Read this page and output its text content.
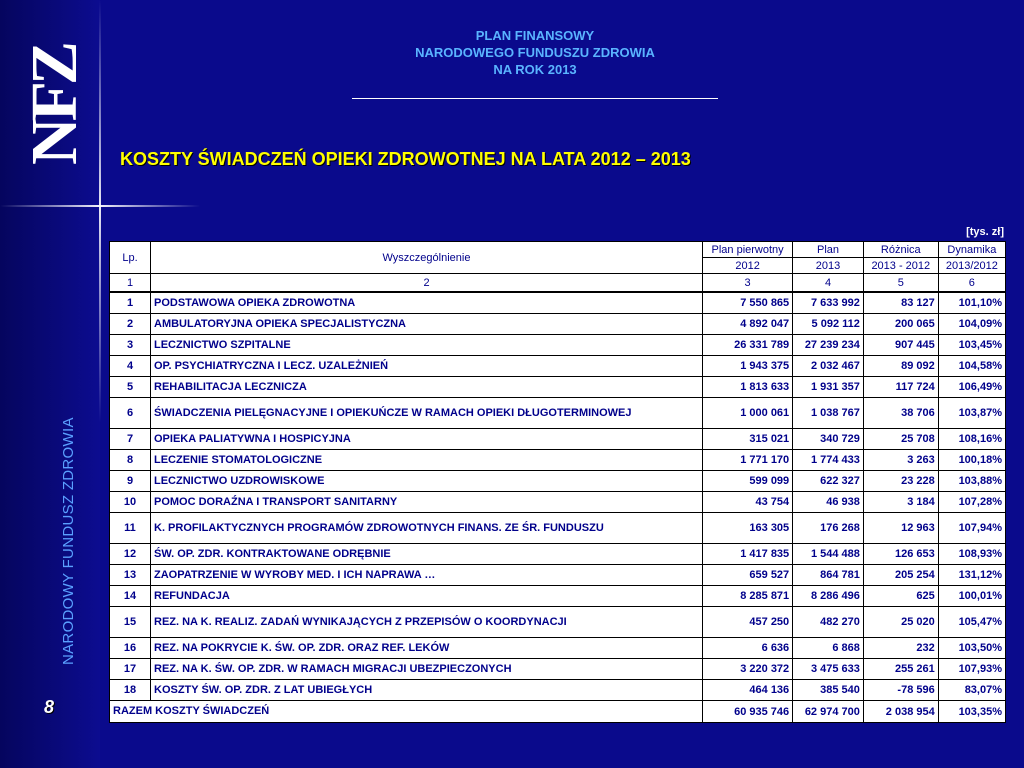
NFZ
NARODOWY FUNDUSZ ZDROWIA
8
PLAN FINANSOWY
NARODOWEGO FUNDUSZU ZDROWIA
NA ROK 2013
KOSZTY ŚWIADCZEŃ OPIEKI ZDROWOTNEJ NA LATA 2012 – 2013
[tys. zł]
Lp.	Wyszczególnienie	Plan pierwotny	Plan	Różnica	Dynamika
		2012	2013	2013 - 2012	2013/2012
1	2	3	4	5	6
1	PODSTAWOWA OPIEKA ZDROWOTNA	7 550 865	7 633 992	83 127	101,10%
2	AMBULATORYJNA OPIEKA SPECJALISTYCZNA	4 892 047	5 092 112	200 065	104,09%
3	LECZNICTWO SZPITALNE	26 331 789	27 239 234	907 445	103,45%
4	OP. PSYCHIATRYCZNA I LECZ. UZALEŻNIEŃ	1 943 375	2 032 467	89 092	104,58%
5	REHABILITACJA LECZNICZA	1 813 633	1 931 357	117 724	106,49%
6	ŚWIADCZENIA PIELĘGNACYJNE I OPIEKUŃCZE W RAMACH OPIEKI DŁUGOTERMINOWEJ	1 000 061	1 038 767	38 706	103,87%
7	OPIEKA PALIATYWNA I HOSPICYJNA	315 021	340 729	25 708	108,16%
8	LECZENIE STOMATOLOGICZNE	1 771 170	1 774 433	3 263	100,18%
9	LECZNICTWO UZDROWISKOWE	599 099	622 327	23 228	103,88%
10	POMOC DORAŹNA I TRANSPORT SANITARNY	43 754	46 938	3 184	107,28%
11	K. PROFILAKTYCZNYCH PROGRAMÓW ZDROWOTNYCH FINANS. ZE ŚR. FUNDUSZU	163 305	176 268	12 963	107,94%
12	ŚW. OP. ZDR. KONTRAKTOWANE ODRĘBNIE	1 417 835	1 544 488	126 653	108,93%
13	ZAOPATRZENIE W WYROBY MED. I ICH NAPRAWA …	659 527	864 781	205 254	131,12%
14	REFUNDACJA	8 285 871	8 286 496	625	100,01%
15	REZ. NA K. REALIZ. ZADAŃ WYNIKAJĄCYCH Z PRZEPISÓW O KOORDYNACJI	457 250	482 270	25 020	105,47%
16	REZ. NA POKRYCIE K. ŚW. OP. ZDR. ORAZ REF. LEKÓW	6 636	6 868	232	103,50%
17	REZ. NA K. ŚW. OP. ZDR. W RAMACH MIGRACJI UBEZPIECZONYCH	3 220 372	3 475 633	255 261	107,93%
18	KOSZTY ŚW. OP. ZDR. Z LAT UBIEGŁYCH	464 136	385 540	-78 596	83,07%
RAZEM KOSZTY ŚWIADCZEŃ		60 935 746	62 974 700	2 038 954	103,35%
